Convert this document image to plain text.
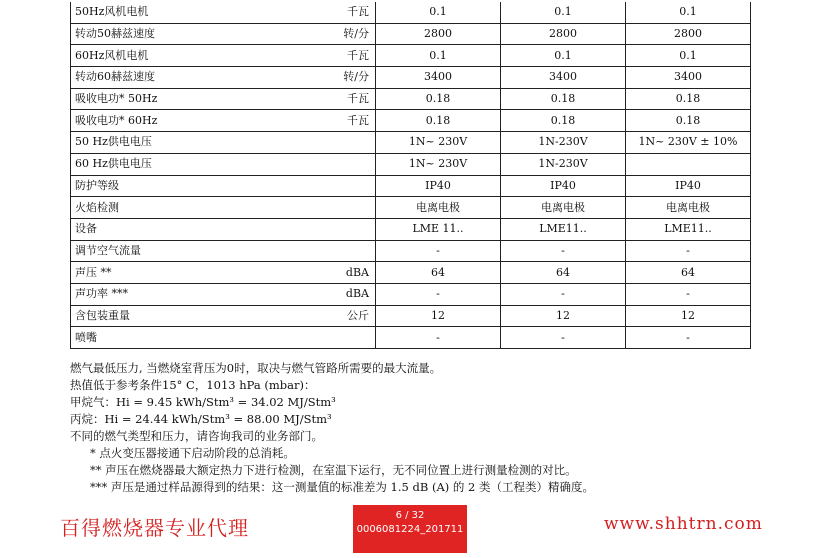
50Hz风机电机	千瓦	0.1	0.1	0.1
转动50赫兹速度	转/分	2800	2800	2800
60Hz风机电机	千瓦	0.1	0.1	0.1
转动60赫兹速度	转/分	3400	3400	3400
吸收电功* 50Hz	千瓦	0.18	0.18	0.18
吸收电功* 60Hz	千瓦	0.18	0.18	0.18
50 Hz供电电压		1N~ 230V	1N-230V	1N~ 230V ± 10%
60 Hz供电电压		1N~ 230V	1N-230V	
防护等级		IP40	IP40	IP40
火焰检测		电离电极	电离电极	电离电极
设备		LME 11..	LME11..	LME11..
调节空气流量		-	-	-
声压 **	dBA	64	64	64
声功率 ***	dBA	-	-	-
含包装重量	公斤	12	12	12
喷嘴		-	-	-
燃气最低压力, 当燃烧室背压为0时，取决与燃气管路所需要的最大流量。
热值低于参考条件15° C，1013 hPa (mbar)：
甲烷气：Hi = 9.45 kWh/Stm³ = 34.02 MJ/Stm³
丙烷：Hi = 24.44 kWh/Stm³ = 88.00 MJ/Stm³
不同的燃气类型和压力，请咨询我司的业务部门。
* 点火变压器接通下启动阶段的总消耗。
** 声压在燃烧器最大额定热力下进行检测，在室温下运行，无不同位置上进行测量检测的对比。
*** 声压是通过样品源得到的结果：这一测量值的标准差为 1.5 dB (A) 的 2 类（工程类）精确度。
百得燃烧器专业代理
6 / 32
0006081224_201711	www.shhtrn.com
